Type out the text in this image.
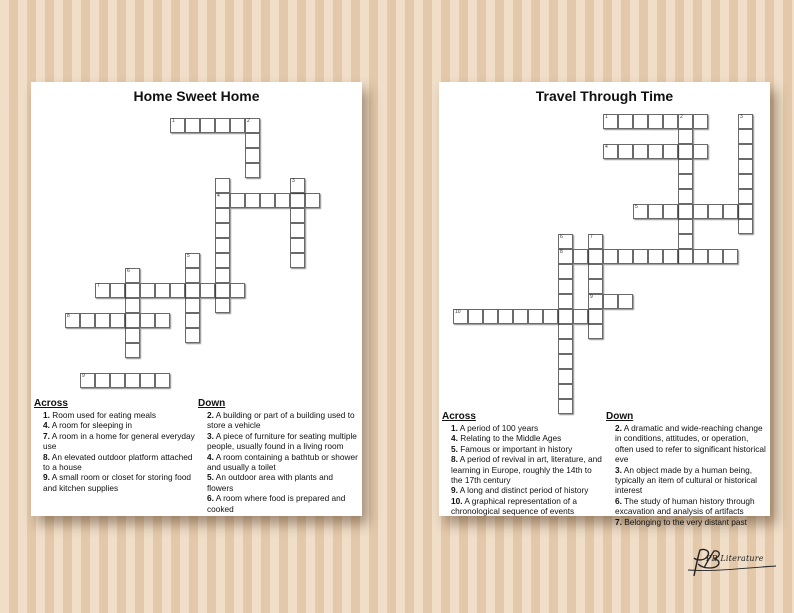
Home Sweet Home
1	2
4
3
5
6
7
8
9
Across
1. Room used for eating meals
4. A room for sleeping in
7. A room in a home for general everyday use
8. An elevated outdoor platform attached to a house
9. A small room or closet for storing food and kitchen supplies
Down
2. A building or part of a building used to store a vehicle
3. A piece of furniture for seating multiple people, usually found in a living room
4. A room containing a bathtub or shower and usually a toilet
5. An outdoor area with plants and flowers
6. A room where food is prepared and cooked
Travel Through Time
1	2	3
4
5
6
8
7
9
10
Across
1. A period of 100 years
4. Relating to the Middle Ages
5. Famous or important in history
8. A period of revival in art, literature, and learning in Europe, roughly the 14th to the 17th century
9. A long and distinct period of history
10. A graphical representation of a chronological sequence of events
Down
2. A dramatic and wide-reaching change in conditions, attitudes, or operation, often used to refer to significant historical eve
3. An object made by a human being, typically an item of cultural or historical interest
6. The study of human history through excavation and analysis of artifacts
7. Belonging to the very distant past
PB Literature
